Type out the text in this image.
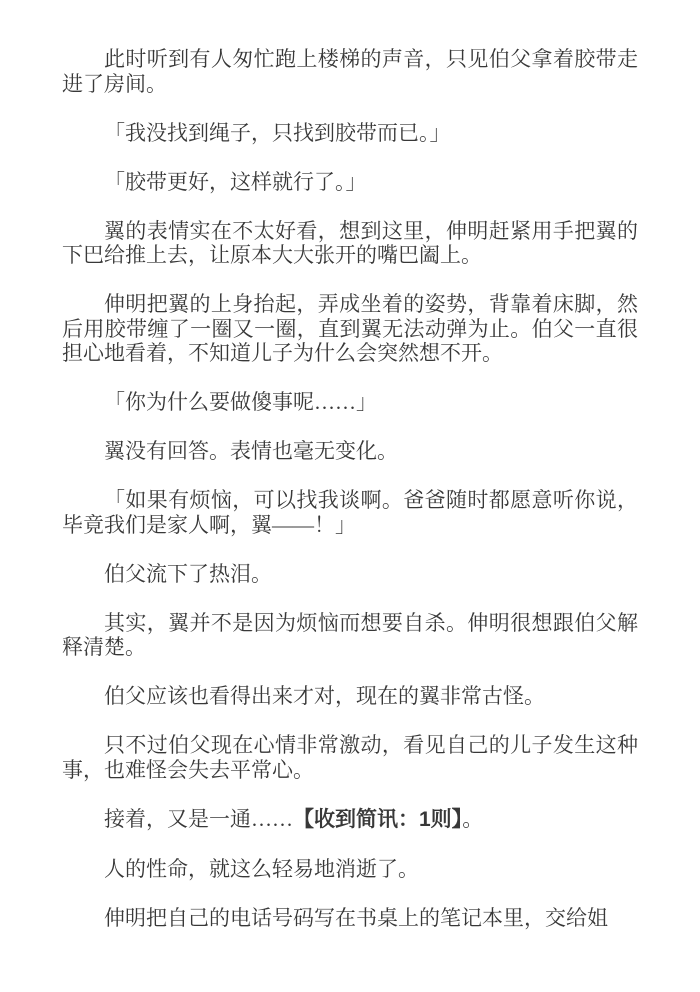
此时听到有人匆忙跑上楼梯的声音，只见伯父拿着胶带走进了房间。

「我没找到绳子，只找到胶带而已。」

「胶带更好，这样就行了。」

翼的表情实在不太好看，想到这里，伸明赶紧用手把翼的下巴给推上去，让原本大大张开的嘴巴阖上。

伸明把翼的上身抬起，弄成坐着的姿势，背靠着床脚，然后用胶带缠了一圈又一圈，直到翼无法动弹为止。伯父一直很担心地看着，不知道儿子为什么会突然想不开。

「你为什么要做傻事呢……」

翼没有回答。表情也毫无变化。

「如果有烦恼，可以找我谈啊。爸爸随时都愿意听你说，毕竟我们是家人啊，翼——！」

伯父流下了热泪。

其实，翼并不是因为烦恼而想要自杀。伸明很想跟伯父解释清楚。

伯父应该也看得出来才对，现在的翼非常古怪。

只不过伯父现在心情非常激动，看见自己的儿子发生这种事，也难怪会失去平常心。

接着，又是一通……【收到简讯：1则】。

人的性命，就这么轻易地消逝了。

伸明把自己的电话号码写在书桌上的笔记本里，交给姐
